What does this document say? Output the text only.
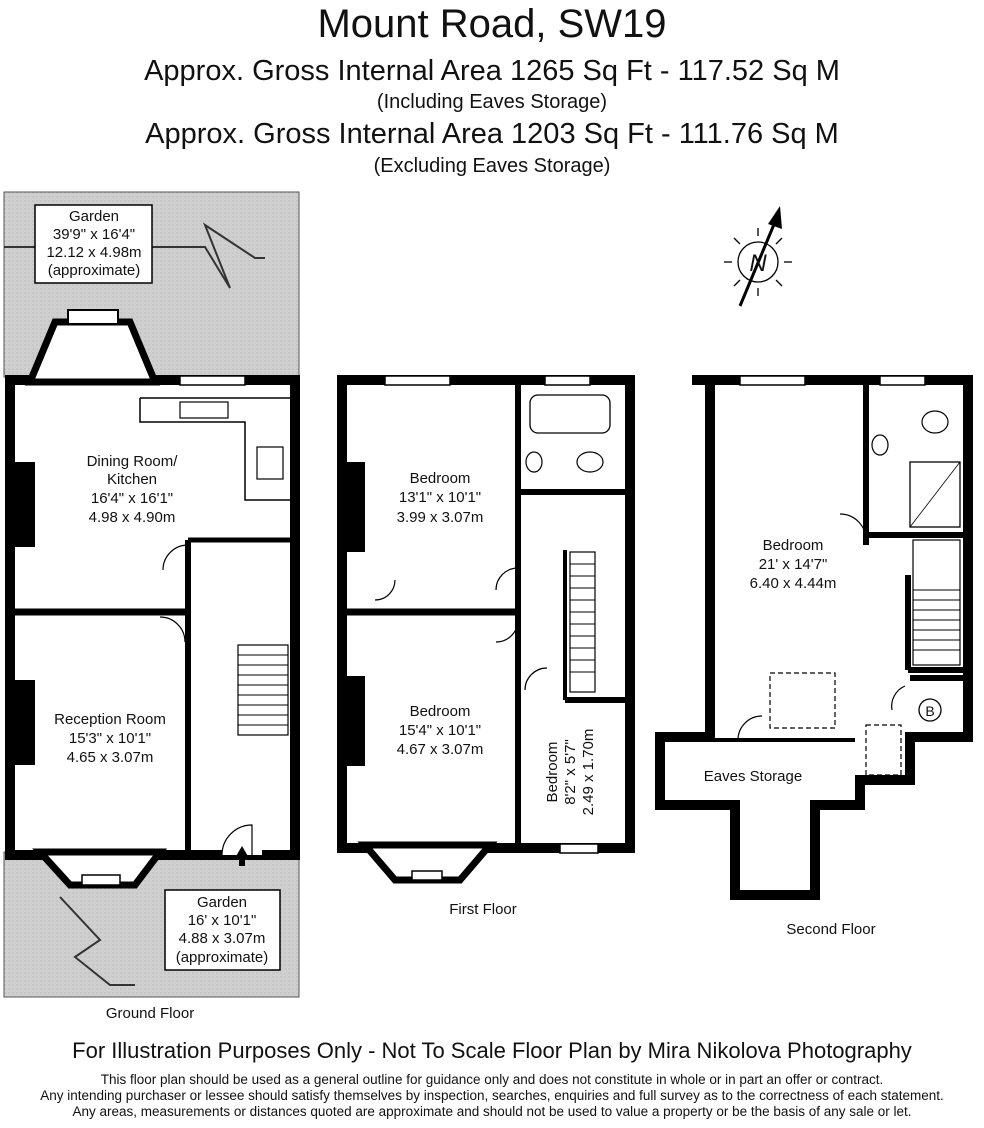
Mount Road, SW19
Approx. Gross Internal Area 1265 Sq Ft - 117.52 Sq M
(Including Eaves Storage)
Approx. Gross Internal Area 1203 Sq Ft - 111.76 Sq M
(Excluding Eaves Storage)
Garden
39'9" x 16'4"
12.12 x 4.98m
(approximate)
Dining Room/
Kitchen
16'4" x 16'1"
4.98 x 4.90m
Reception Room
15'3" x 10'1"
4.65 x 3.07m
Garden
16' x 10'1"
4.88 x 3.07m
(approximate)
Ground Floor
Bedroom
13'1" x 10'1"
3.99 x 3.07m
Bedroom
15'4" x 10'1"
4.67 x 3.07m	Bedroom 8'2" x 5'7" 2.49 x 1.70m
First Floor
B
Bedroom
21' x 14'7"
6.40 x 4.44m
Eaves Storage
Second Floor
N
For Illustration Purposes Only - Not To Scale Floor Plan by Mira Nikolova Photography
This floor plan should be used as a general outline for guidance only and does not constitute in whole or in part an offer or contract.
Any intending purchaser or lessee should satisfy themselves by inspection, searches, enquiries and full survey as to the correctness of each statement.
Any areas, measurements or distances quoted are approximate and should not be used to value a property or be the basis of any sale or let.
